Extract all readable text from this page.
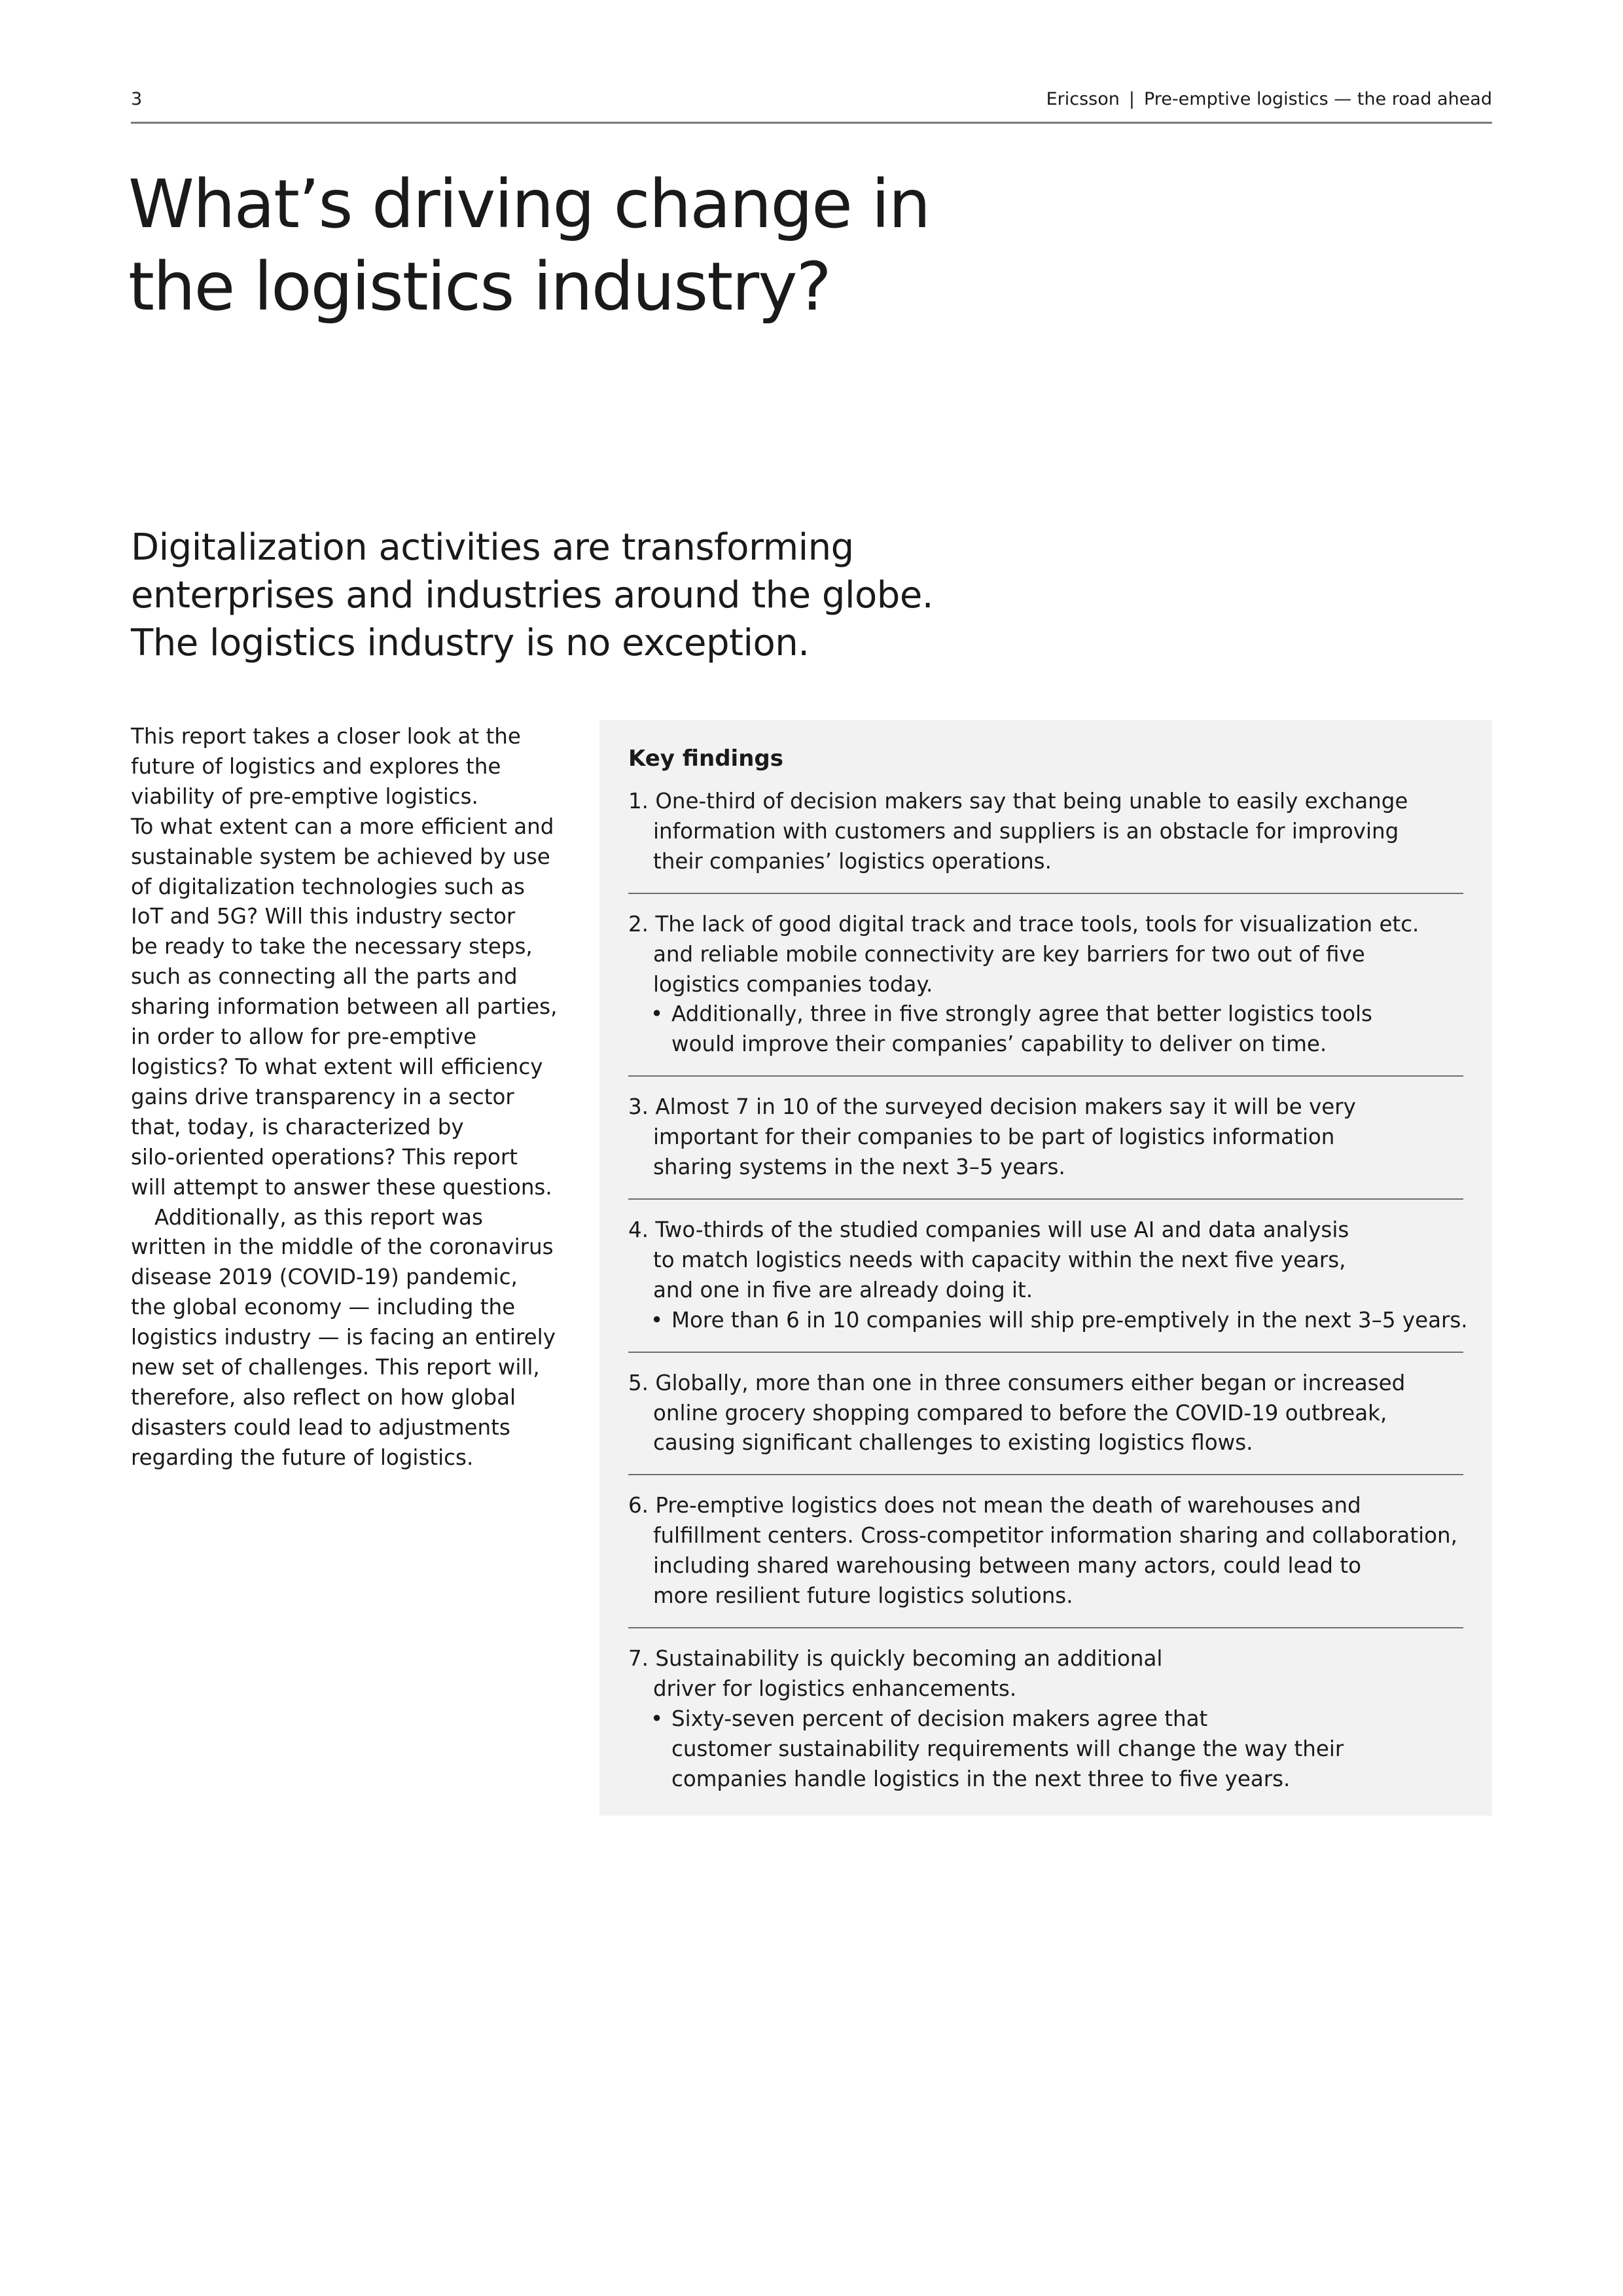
3	Ericsson | Pre-emptive logistics — the road ahead
What’s driving change in
the logistics industry?

Digitalization activities are transforming
enterprises and industries around the globe.
The logistics industry is no exception.

This report takes a closer look at the
future of logistics and explores the
viability of pre-emptive logistics.
To what extent can a more efficient and
sustainable system be achieved by use
of digitalization technologies such as
IoT and 5G? Will this industry sector
be ready to take the necessary steps,
such as connecting all the parts and
sharing information between all parties,
in order to allow for pre-emptive
logistics? To what extent will efficiency
gains drive transparency in a sector
that, today, is characterized by
silo-oriented operations? This report
will attempt to answer these questions.
Additionally, as this report was
written in the middle of the coronavirus
disease 2019 (COVID-19) pandemic,
the global economy — including the
logistics industry — is facing an entirely
new set of challenges. This report will,
therefore, also reflect on how global
disasters could lead to adjustments
regarding the future of logistics.
Key findings
1. One-third of decision makers say that being unable to easily exchange
information with customers and suppliers is an obstacle for improving
their companies’ logistics operations.
2. The lack of good digital track and trace tools, tools for visualization etc.
and reliable mobile connectivity are key barriers for two out of five
logistics companies today.
• Additionally, three in five strongly agree that better logistics tools
would improve their companies’ capability to deliver on time.
3. Almost 7 in 10 of the surveyed decision makers say it will be very
important for their companies to be part of logistics information
sharing systems in the next 3–5 years.
4. Two-thirds of the studied companies will use AI and data analysis
to match logistics needs with capacity within the next five years,
and one in five are already doing it.
• More than 6 in 10 companies will ship pre-emptively in the next 3–5 years.
5. Globally, more than one in three consumers either began or increased
online grocery shopping compared to before the COVID-19 outbreak,
causing significant challenges to existing logistics flows.
6. Pre-emptive logistics does not mean the death of warehouses and
fulfillment centers. Cross-competitor information sharing and collaboration,
including shared warehousing between many actors, could lead to
more resilient future logistics solutions.
7. Sustainability is quickly becoming an additional
driver for logistics enhancements.
• Sixty-seven percent of decision makers agree that
customer sustainability requirements will change the way their
companies handle logistics in the next three to five years.
